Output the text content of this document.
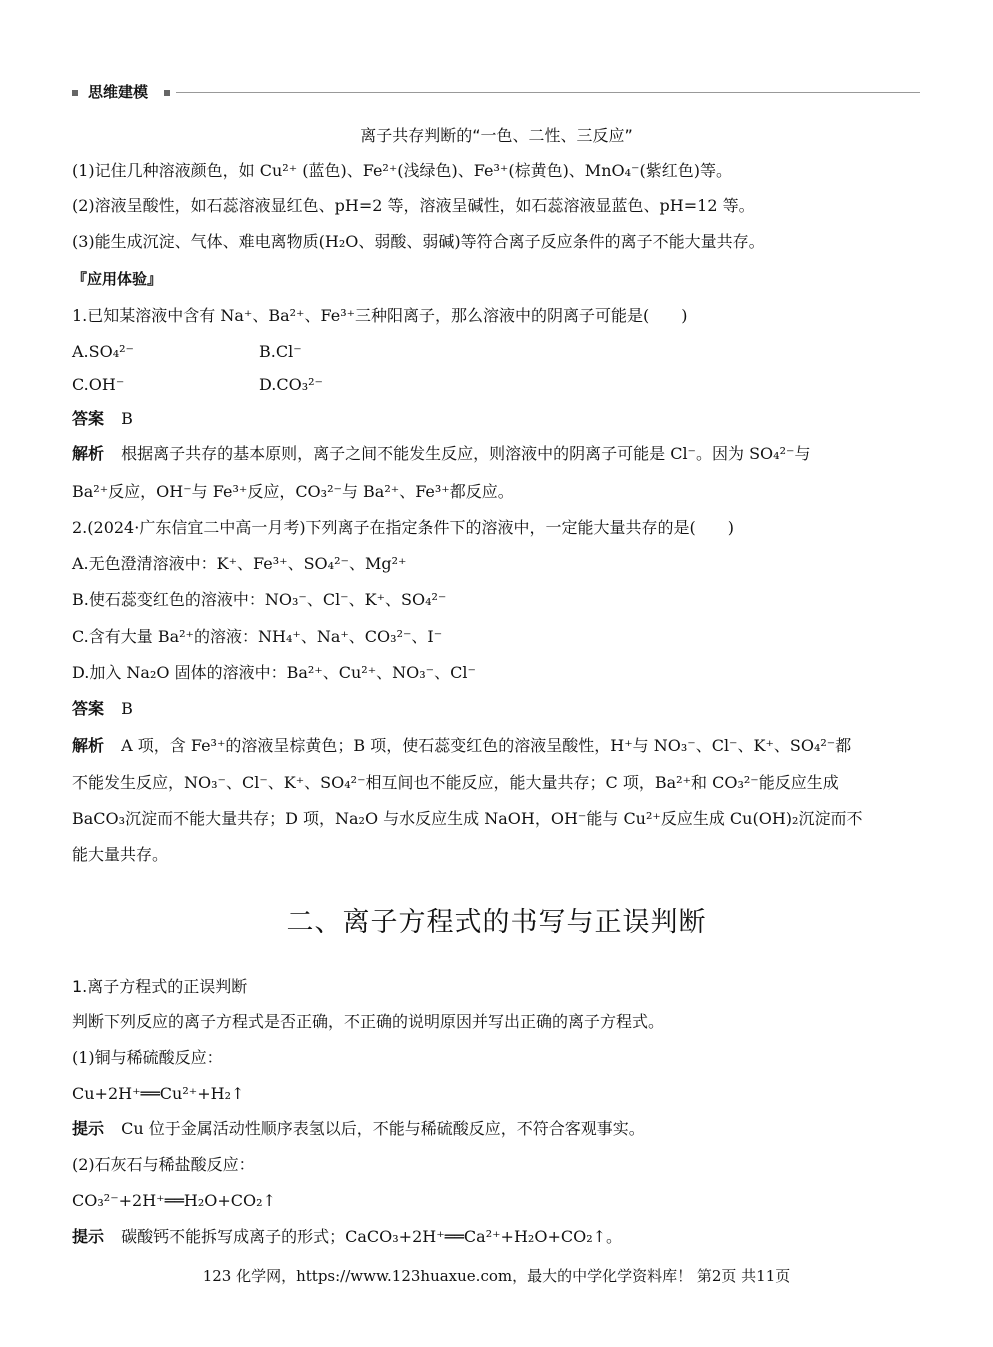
思维建模
离子共存判断的“一色、二性、三反应”
(1)记住几种溶液颜色，如 Cu²⁺ (蓝色)、Fe²⁺(浅绿色)、Fe³⁺(棕黄色)、MnO₄⁻(紫红色)等。
(2)溶液呈酸性，如石蕊溶液显红色、pH=2 等，溶液呈碱性，如石蕊溶液显蓝色、pH=12 等。
(3)能生成沉淀、气体、难电离物质(H₂O、弱酸、弱碱)等符合离子反应条件的离子不能大量共存。
『应用体验』
1.已知某溶液中含有 Na⁺、Ba²⁺、Fe³⁺三种阳离子，那么溶液中的阴离子可能是(　　)
A.SO₄²⁻	B.Cl⁻
C.OH⁻	D.CO₃²⁻
答案 B
解析 根据离子共存的基本原则，离子之间不能发生反应，则溶液中的阴离子可能是 Cl⁻。因为 SO₄²⁻与
Ba²⁺反应，OH⁻与 Fe³⁺反应，CO₃²⁻与 Ba²⁺、Fe³⁺都反应。
2.(2024·广东信宜二中高一月考)下列离子在指定条件下的溶液中，一定能大量共存的是(　　)
A.无色澄清溶液中：K⁺、Fe³⁺、SO₄²⁻、Mg²⁺
B.使石蕊变红色的溶液中：NO₃⁻、Cl⁻、K⁺、SO₄²⁻
C.含有大量 Ba²⁺的溶液：NH₄⁺、Na⁺、CO₃²⁻、I⁻
D.加入 Na₂O 固体的溶液中：Ba²⁺、Cu²⁺、NO₃⁻、Cl⁻
答案 B
解析 A 项，含 Fe³⁺的溶液呈棕黄色；B 项，使石蕊变红色的溶液呈酸性，H⁺与 NO₃⁻、Cl⁻、K⁺、SO₄²⁻都
不能发生反应，NO₃⁻、Cl⁻、K⁺、SO₄²⁻相互间也不能反应，能大量共存；C 项，Ba²⁺和 CO₃²⁻能反应生成
BaCO₃沉淀而不能大量共存；D 项，Na₂O 与水反应生成 NaOH，OH⁻能与 Cu²⁺反应生成 Cu(OH)₂沉淀而不
能大量共存。
二、离子方程式的书写与正误判断
1.离子方程式的正误判断
判断下列反应的离子方程式是否正确，不正确的说明原因并写出正确的离子方程式。
(1)铜与稀硫酸反应：
Cu+2H⁺══Cu²⁺+H₂↑
提示 Cu 位于金属活动性顺序表氢以后，不能与稀硫酸反应，不符合客观事实。
(2)石灰石与稀盐酸反应：
CO₃²⁻+2H⁺══H₂O+CO₂↑
提示 碳酸钙不能拆写成离子的形式；CaCO₃+2H⁺══Ca²⁺+H₂O+CO₂↑。
123 化学网，https://www.123huaxue.com，最大的中学化学资料库！ 第2页 共11页
